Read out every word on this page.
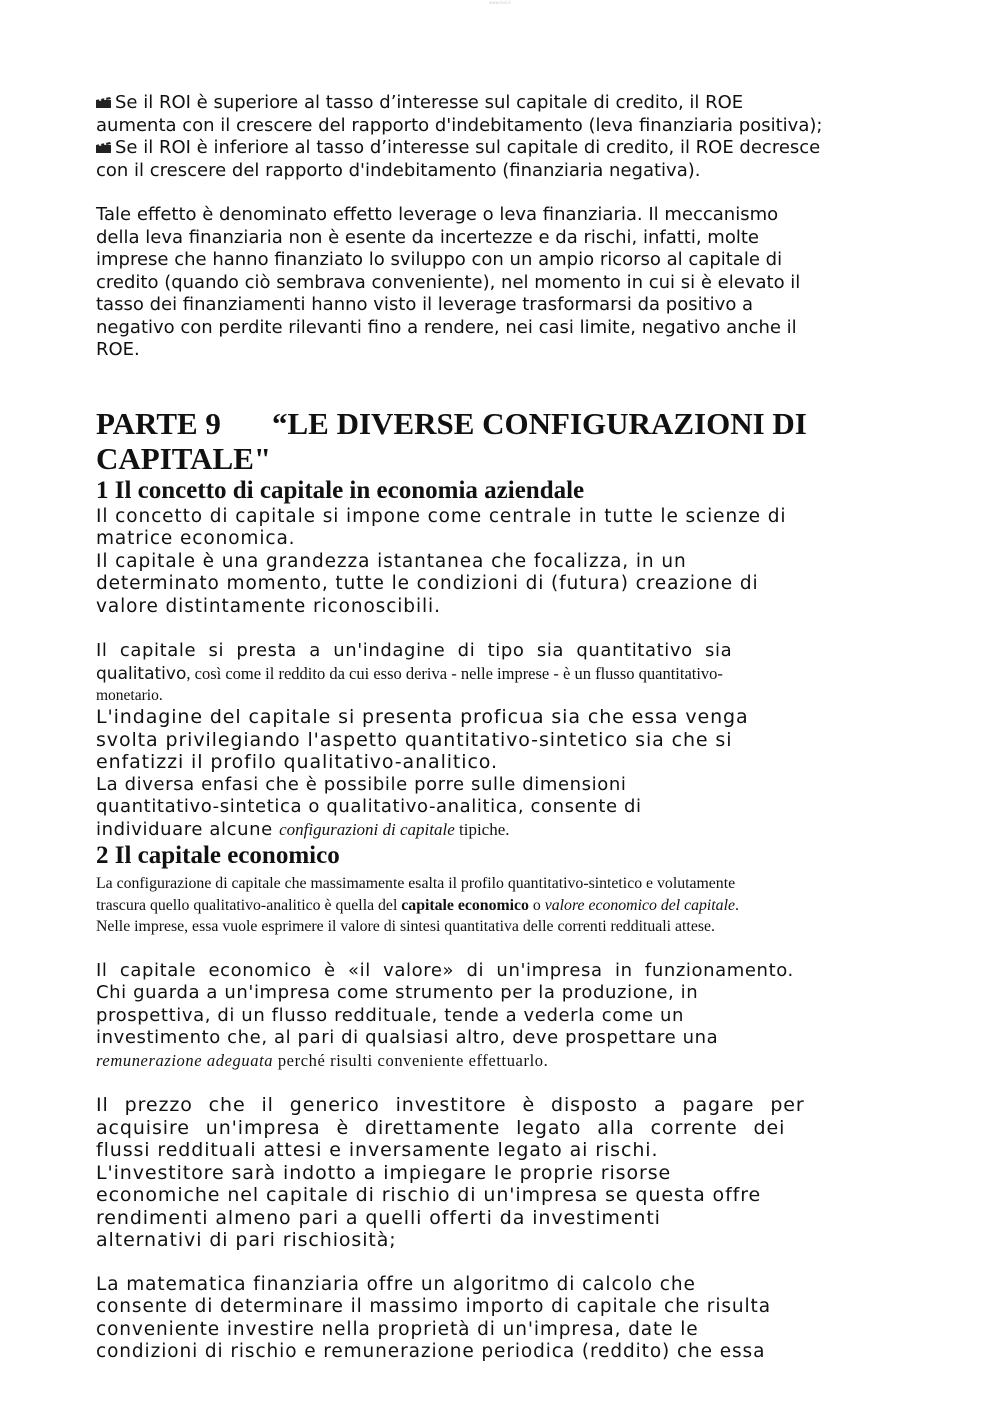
www.tesi.it

Se il ROI è superiore al tasso d’interesse sul capitale di credito, il ROE
aumenta con il crescere del rapporto d'indebitamento (leva finanziaria positiva);

Se il ROI è inferiore al tasso d’interesse sul capitale di credito, il ROE decresce
con il crescere del rapporto d'indebitamento (finanziaria negativa).

Tale effetto è denominato effetto leverage o leva finanziaria. Il meccanismo
della leva finanziaria non è esente da incertezze e da rischi, infatti, molte
imprese che hanno finanziato lo sviluppo con un ampio ricorso al capitale di
credito (quando ciò sembrava conveniente), nel momento in cui si è elevato il
tasso dei finanziamenti hanno visto il leverage trasformarsi da positivo a
negativo con perdite rilevanti fino a rendere, nei casi limite, negativo anche il
ROE.

PARTE 9 “LE DIVERSE CONFIGURAZIONI DI
CAPITALE"
1 Il concetto di capitale in economia aziendale

Il concetto di capitale si impone come centrale in tutte le scienze di
matrice economica.
Il capitale è una grandezza istantanea che focalizza, in un
determinato momento, tutte le condizioni di (futura) creazione di
valore distintamente riconoscibili.

Il capitale si presta a un'indagine di tipo sia quantitativo sia
qualitativo, così come il reddito da cui esso deriva - nelle imprese - è un flusso quantitativo-
monetario.

L'indagine del capitale si presenta proficua sia che essa venga
svolta privilegiando l'aspetto quantitativo-sintetico sia che si
enfatizzi il profilo qualitativo-analitico.
La diversa enfasi che è possibile porre sulle dimensioni
quantitativo-sintetica o qualitativo-analitica, consente di
individuare alcune configurazioni di capitale tipiche.

2 Il capitale economico

La configurazione di capitale che massimamente esalta il profilo quantitativo-sintetico e volutamente
trascura quello qualitativo-analitico è quella del capitale economico o valore economico del capitale.
Nelle imprese, essa vuole esprimere il valore di sintesi quantitativa delle correnti reddituali attese.

Il capitale economico è «il valore» di un'impresa in funzionamento.
Chi guarda a un'impresa come strumento per la produzione, in
prospettiva, di un flusso reddituale, tende a vederla come un
investimento che, al pari di qualsiasi altro, deve prospettare una
remunerazione adeguata perché risulti conveniente effettuarlo.

Il prezzo che il generico investitore è disposto a pagare per
acquisire un'impresa è direttamente legato alla corrente dei
flussi reddituali attesi e inversamente legato ai rischi.
L'investitore sarà indotto a impiegare le proprie risorse
economiche nel capitale di rischio di un'impresa se questa offre
rendimenti almeno pari a quelli offerti da investimenti
alternativi di pari rischiosità;

La matematica finanziaria offre un algoritmo di calcolo che
consente di determinare il massimo importo di capitale che risulta
conveniente investire nella proprietà di un'impresa, date le
condizioni di rischio e remunerazione periodica (reddito) che essa
